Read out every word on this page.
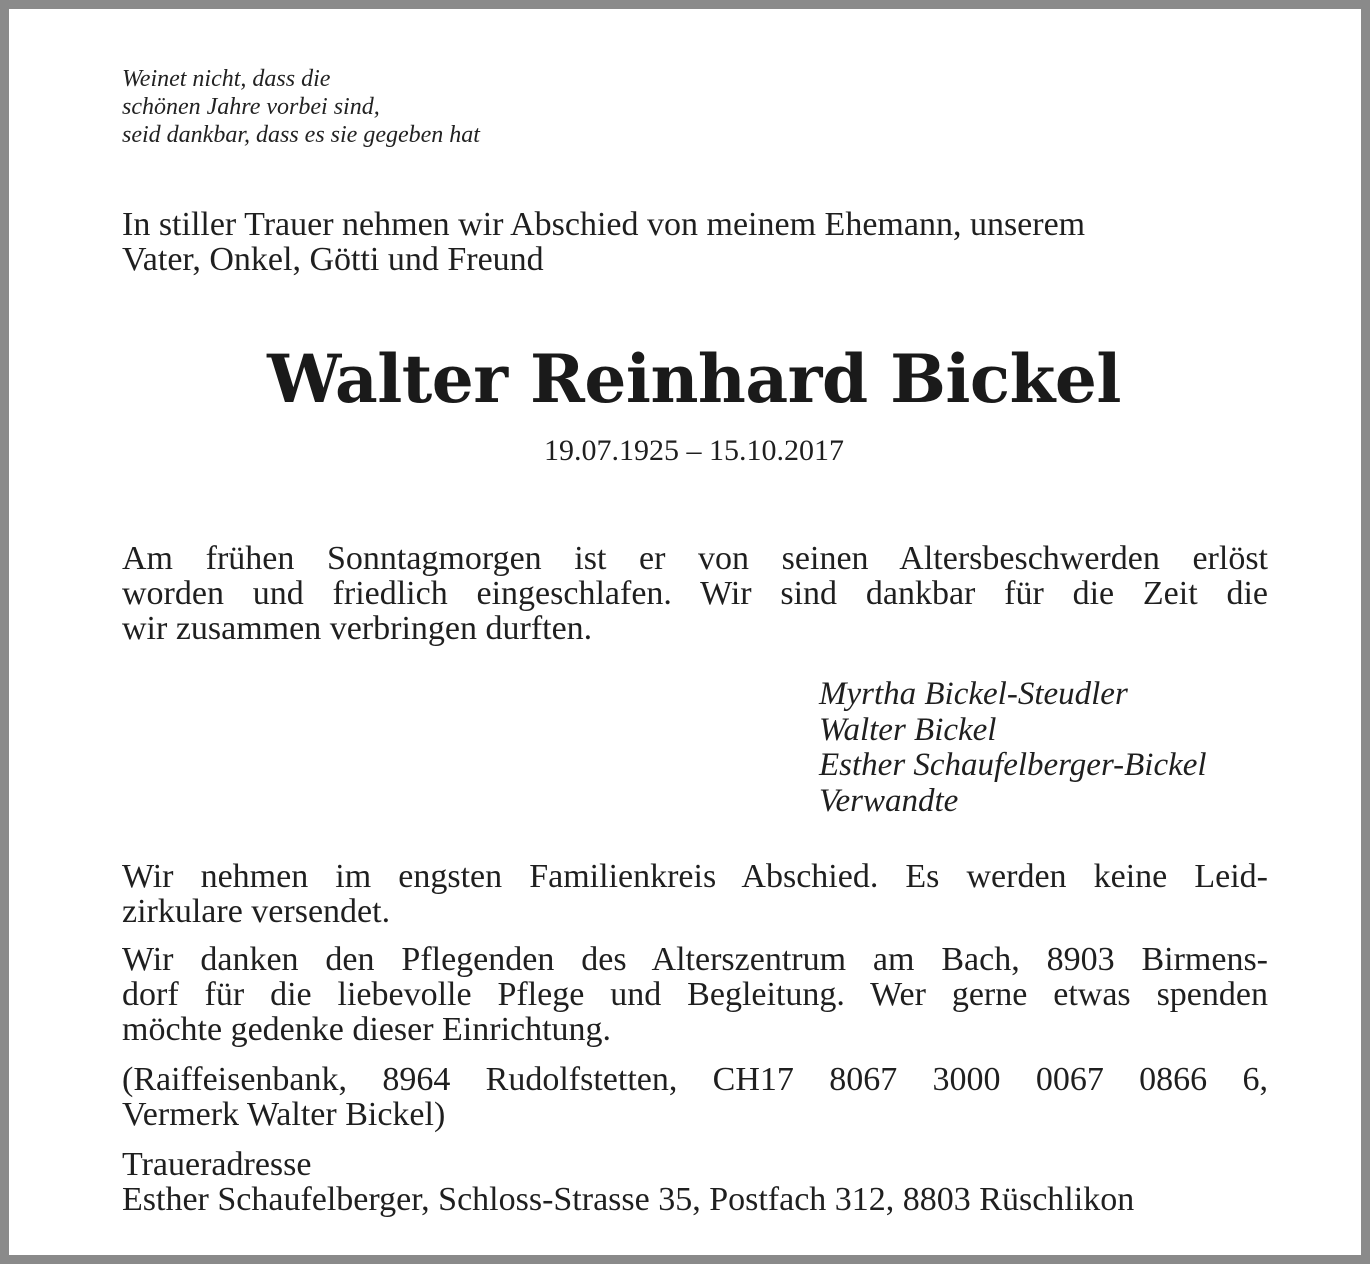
Weinet nicht, dass die
schönen Jahre vorbei sind,
seid dankbar, dass es sie gegeben hat
In stiller Trauer nehmen wir Abschied von meinem Ehemann, unserem
Vater, Onkel, Götti und Freund
Walter Reinhard Bickel
19.07.1925 – 15.10.2017
Am frühen Sonntagmorgen ist er von seinen Altersbeschwerden erlöst
worden und friedlich eingeschlafen. Wir sind dankbar für die Zeit die
wir zusammen verbringen durften.
Myrtha Bickel-Steudler
Walter Bickel
Esther Schaufelberger-Bickel
Verwandte
Wir nehmen im engsten Familienkreis Abschied. Es werden keine Leid-
zirkulare versendet.
Wir danken den Pflegenden des Alterszentrum am Bach, 8903 Birmens-
dorf für die liebevolle Pflege und Begleitung. Wer gerne etwas spenden
möchte gedenke dieser Einrichtung.
(Raiffeisenbank, 8964 Rudolfstetten, CH17 8067 3000 0067 0866 6,
Vermerk Walter Bickel)
Traueradresse
Esther Schaufelberger, Schloss-Strasse 35, Postfach 312, 8803 Rüschlikon
